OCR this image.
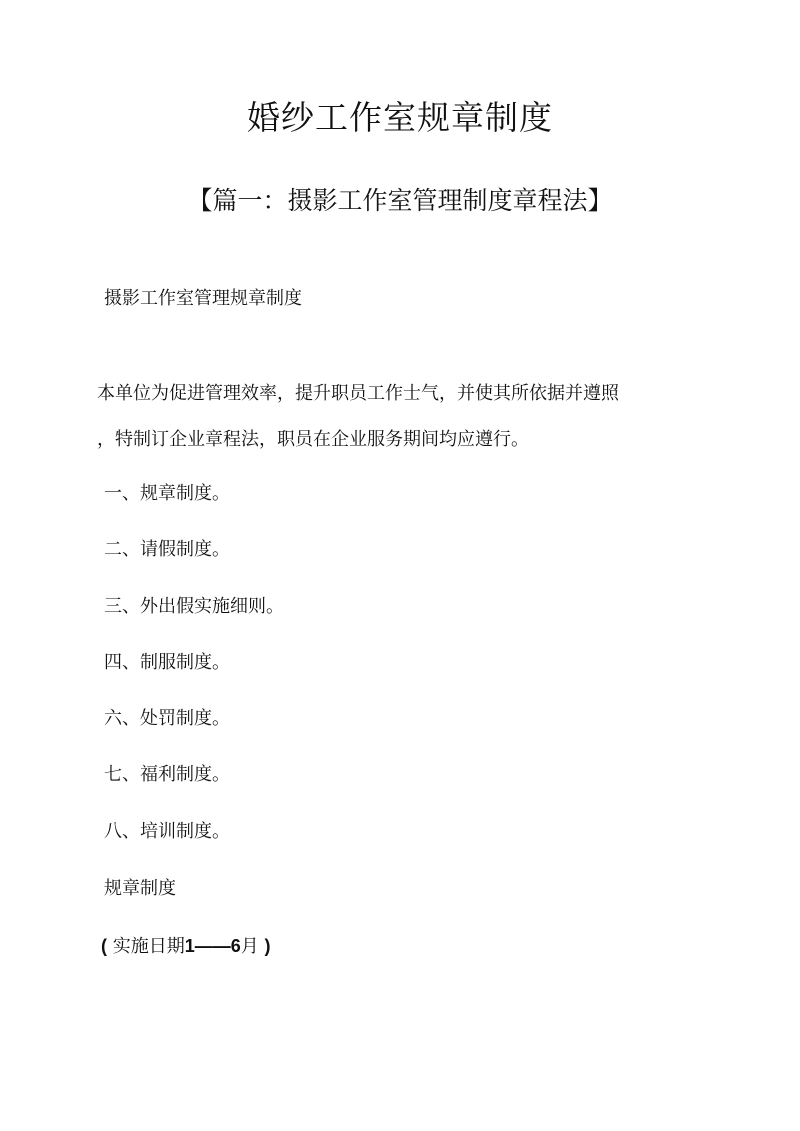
婚纱工作室规章制度
【篇一：摄影工作室管理制度章程法】
摄影工作室管理规章制度
本单位为促进管理效率，提升职员工作士气，并使其所依据并遵照
，特制订企业章程法，职员在企业服务期间均应遵行。
一、规章制度。
二、请假制度。
三、外出假实施细则。
四、制服制度。
六、处罚制度。
七、福利制度。
八、培训制度。
规章制度
( 实施日期1——6月 )
